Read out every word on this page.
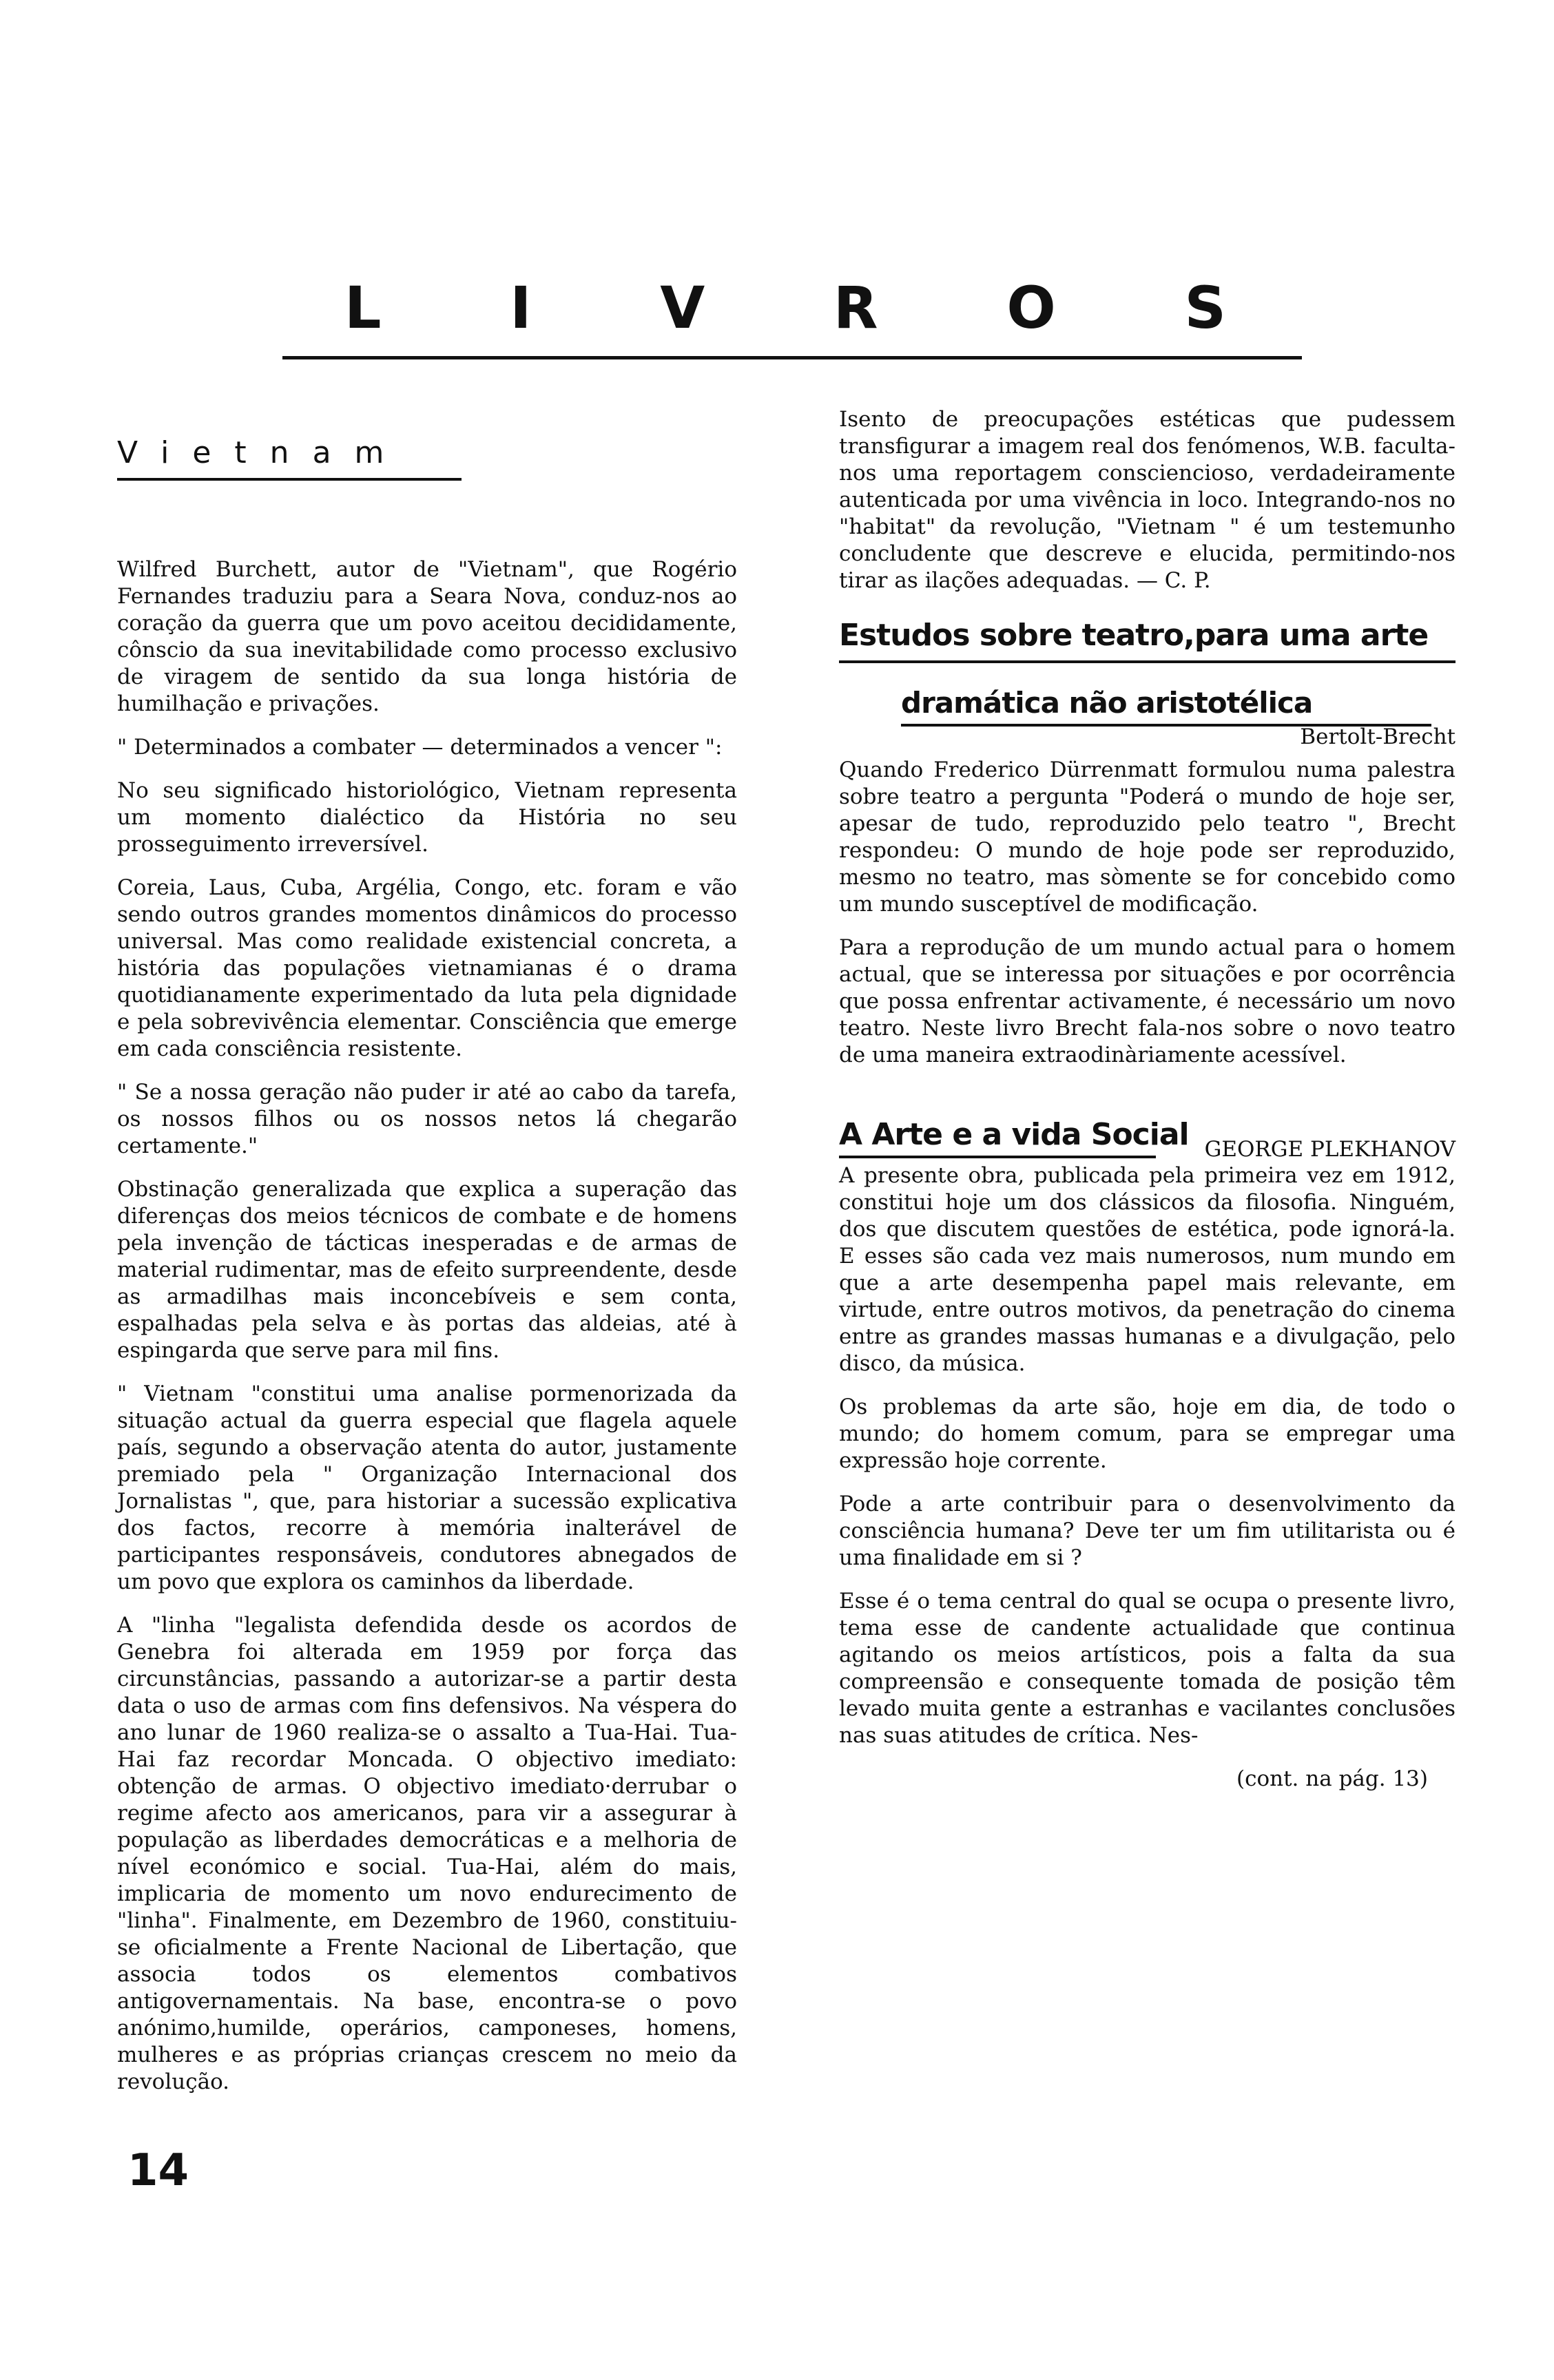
L I V R O S
Vietnam

Wilfred Burchett, autor de "Vietnam", que Rogério Fernandes traduziu para a Seara Nova, conduz-nos ao coração da guerra que um povo aceitou decididamente, cônscio da sua inevitabilidade como processo exclusivo de viragem de sentido da sua longa história de humilhação e privações.

" Determinados a combater — determinados a vencer ":

No seu significado historiológico, Vietnam representa um momento dialéctico da História no seu prosseguimento irreversível.

Coreia, Laus, Cuba, Argélia, Congo, etc. foram e vão sendo outros grandes momentos dinâmicos do processo universal. Mas como realidade existencial concreta, a história das populações vietnamianas é o drama quotidianamente experimentado da luta pela dignidade e pela sobrevivência elementar. Consciência que emerge em cada consciência resistente.

" Se a nossa geração não puder ir até ao cabo da tarefa, os nossos filhos ou os nossos netos lá chegarão certamente."

Obstinação generalizada que explica a superação das diferenças dos meios técnicos de combate e de homens pela invenção de tácticas inesperadas e de armas de material rudimentar, mas de efeito surpreendente, desde as armadilhas mais inconcebíveis e sem conta, espalhadas pela selva e às portas das aldeias, até à espingarda que serve para mil fins.

" Vietnam "constitui uma analise pormenorizada da situação actual da guerra especial que flagela aquele país, segundo a observação atenta do autor, justamente premiado pela " Organização Internacional dos Jornalistas ", que, para historiar a sucessão explicativa dos factos, recorre à memória inalterável de participantes responsáveis, condutores abnegados de um povo que explora os caminhos da liberdade.

A "linha "legalista defendida desde os acordos de Genebra foi alterada em 1959 por força das circunstâncias, passando a autorizar-se a partir desta data o uso de armas com fins defensivos. Na véspera do ano lunar de 1960 realiza-se o assalto a Tua-Hai. Tua-Hai faz recordar Moncada. O objectivo imediato: obtenção de armas. O objectivo imediato·derrubar o regime afecto aos americanos, para vir a assegurar à população as liberdades democráticas e a melhoria de nível económico e social. Tua-Hai, além do mais, implicaria de momento um novo endurecimento de "linha". Finalmente, em Dezembro de 1960, constituiu-se oficialmente a Frente Nacional de Libertação, que associa todos os elementos combativos antigovernamentais. Na base, encontra-se o povo anónimo,humilde, operários, camponeses, homens, mulheres e as próprias crianças crescem no meio da revolução.

Isento de preocupações estéticas que pudessem transfigurar a imagem real dos fenómenos, W.B. faculta-nos uma reportagem consciencioso, verdadeiramente autenticada por uma vivência in loco. Integrando-nos no "habitat" da revolução, "Vietnam " é um testemunho concludente que descreve e elucida, permitindo-nos tirar as ilações adequadas. — C. P.

Estudos sobre teatro,para uma arte
dramática não aristotélica
Bertolt-Brecht

Quando Frederico Dürrenmatt formulou numa palestra sobre teatro a pergunta "Poderá o mundo de hoje ser, apesar de tudo, reproduzido pelo teatro ", Brecht respondeu: O mundo de hoje pode ser reproduzido, mesmo no teatro, mas sòmente se for concebido como um mundo susceptível de modificação.

Para a reprodução de um mundo actual para o homem actual, que se interessa por situações e por ocorrência que possa enfrentar activamente, é necessário um novo teatro. Neste livro Brecht fala-nos sobre o novo teatro de uma maneira extraodinàriamente acessível.

A Arte e a vida Social GEORGE PLEKHANOV

A presente obra, publicada pela primeira vez em 1912, constitui hoje um dos clássicos da filosofia. Ninguém, dos que discutem questões de estética, pode ignorá-la. E esses são cada vez mais numerosos, num mundo em que a arte desempenha papel mais relevante, em virtude, entre outros motivos, da penetração do cinema entre as grandes massas humanas e a divulgação, pelo disco, da música.

Os problemas da arte são, hoje em dia, de todo o mundo; do homem comum, para se empregar uma expressão hoje corrente.

Pode a arte contribuir para o desenvolvimento da consciência humana? Deve ter um fim utilitarista ou é uma finalidade em si ?

Esse é o tema central do qual se ocupa o presente livro, tema esse de candente actualidade que continua agitando os meios artísticos, pois a falta da sua compreensão e consequente tomada de posição têm levado muita gente a estranhas e vacilantes conclusões nas suas atitudes de crítica. Nes-

(cont. na pág. 13)
14
